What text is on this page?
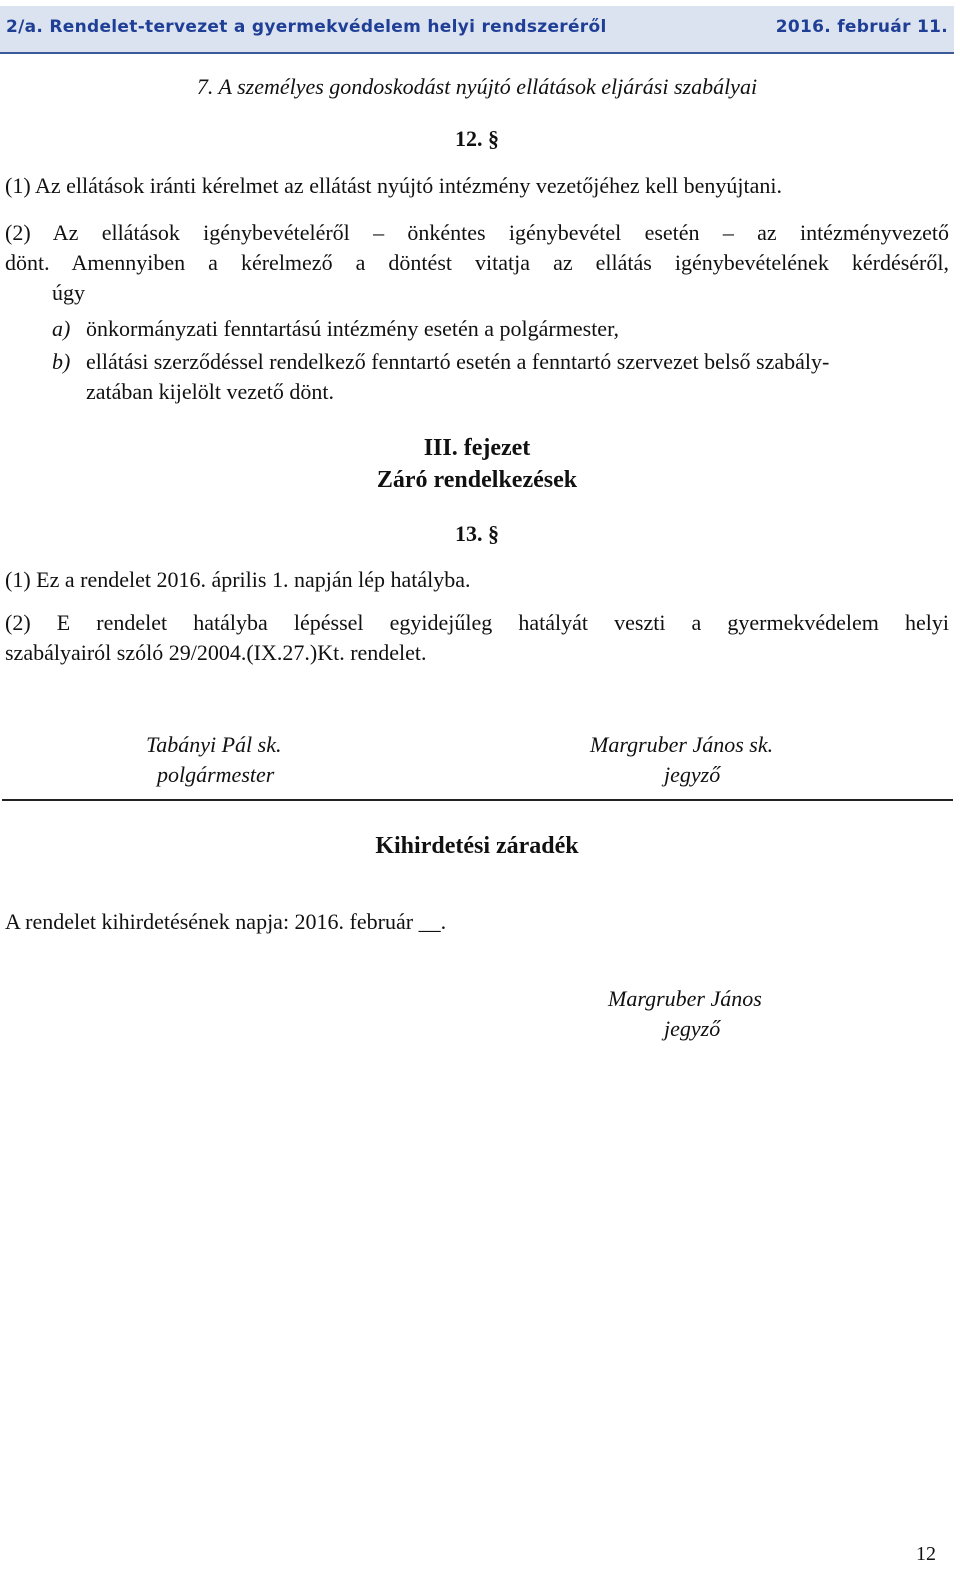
2/a. Rendelet-tervezet a gyermekvédelem helyi rendszeréről	2016. február 11.
7. A személyes gondoskodást nyújtó ellátások eljárási szabályai
12. §
(1) Az ellátások iránti kérelmet az ellátást nyújtó intézmény vezetőjéhez kell benyújtani.
(2) Az ellátások igénybevételéről – önkéntes igénybevétel esetén – az intézményvezető
dönt. Amennyiben a kérelmező a döntést vitatja az ellátás igénybevételének kérdéséről,
úgy
a) önkormányzati fenntartású intézmény esetén a polgármester,
b) ellátási szerződéssel rendelkező fenntartó esetén a fenntartó szervezet belső szabály-
zatában kijelölt vezető dönt.
III. fejezet
Záró rendelkezések
13. §
(1) Ez a rendelet 2016. április 1. napján lép hatályba.
(2) E rendelet hatályba lépéssel egyidejűleg hatályát veszti a gyermekvédelem helyi
szabályairól szóló 29/2004.(IX.27.)Kt. rendelet.
Tabányi Pál sk.
polgármester
Margruber János sk.
jegyző
Kihirdetési záradék
A rendelet kihirdetésének napja: 2016. február __.
Margruber János
jegyző
12
